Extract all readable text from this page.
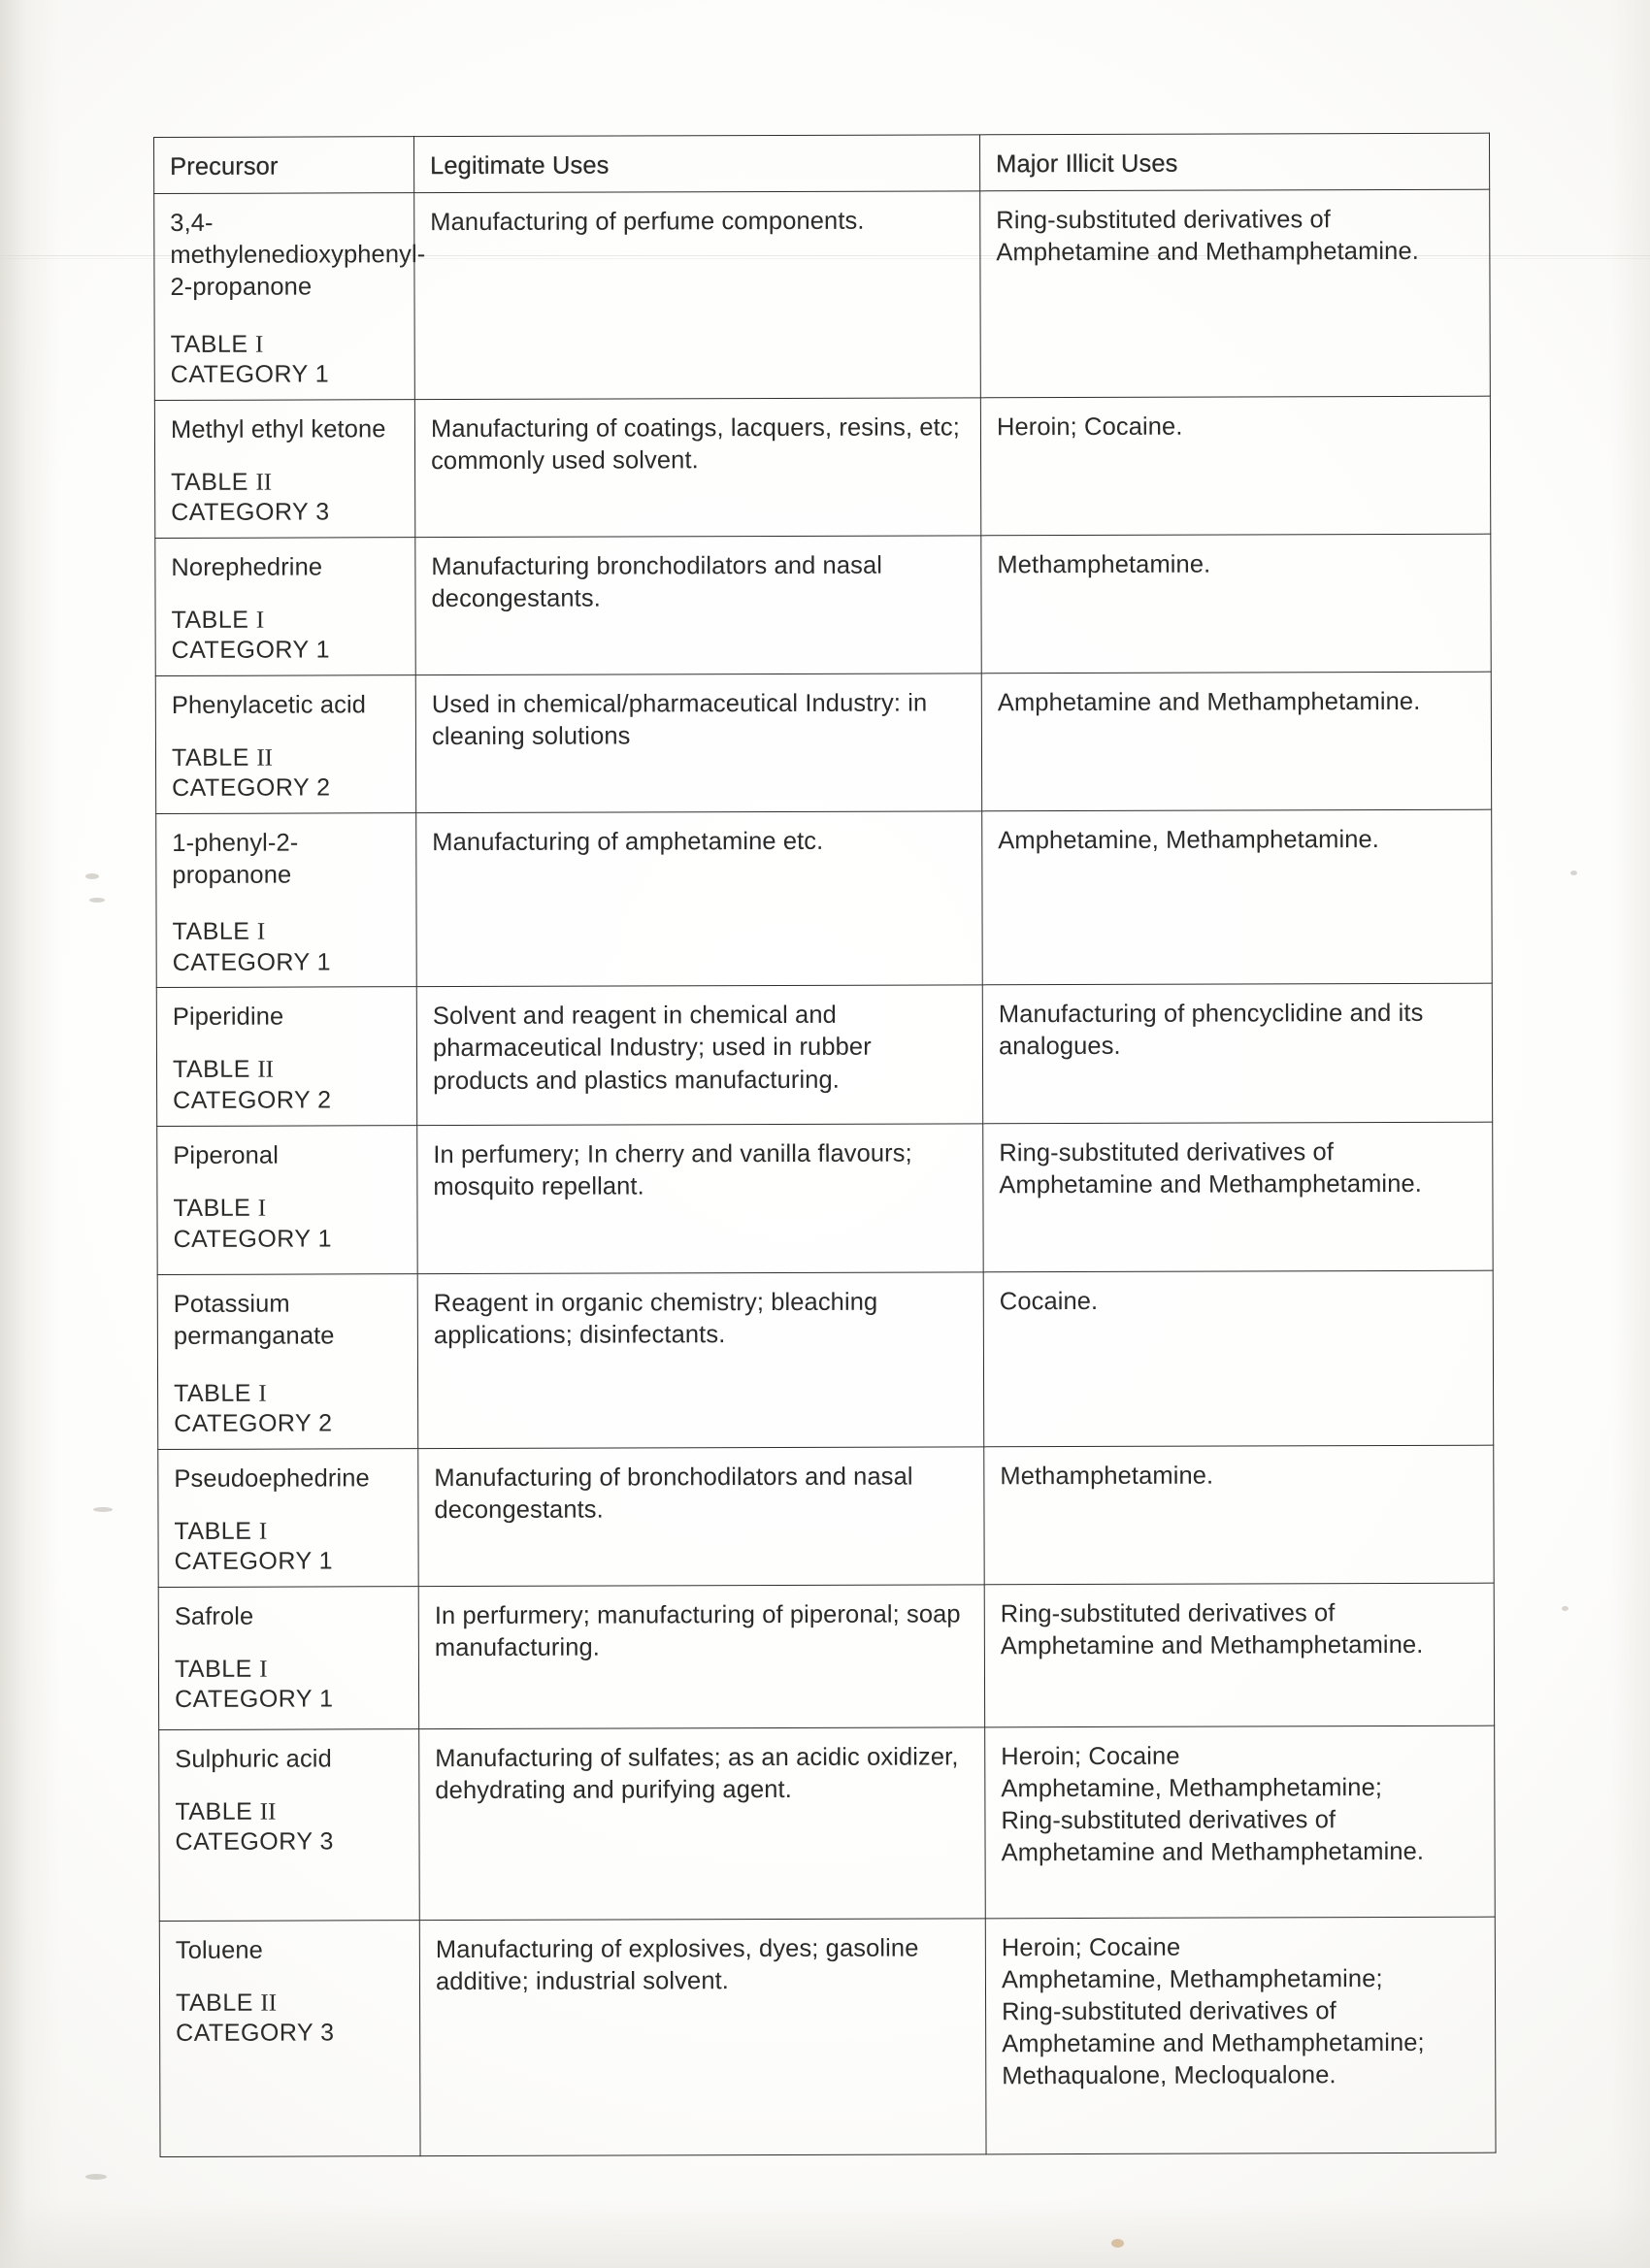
Precursor	Legitimate Uses	Major Illicit Uses

3,4-methylenedioxyphenyl-2-propanone
TABLE I
CATEGORY 1	Manufacturing of perfume components.	Ring-substituted derivatives of Amphetamine and Methamphetamine.

Methyl ethyl ketone
TABLE II
CATEGORY 3	Manufacturing of coatings, lacquers, resins, etc; commonly used solvent.	Heroin; Cocaine.

Norephedrine
TABLE I
CATEGORY 1	Manufacturing bronchodilators and nasal decongestants.	Methamphetamine.

Phenylacetic acid
TABLE II
CATEGORY 2	Used in chemical/pharmaceutical Industry: in cleaning solutions	Amphetamine and Methamphetamine.

1-phenyl-2-propanone
TABLE I
CATEGORY 1	Manufacturing of amphetamine etc.	Amphetamine, Methamphetamine.

Piperidine
TABLE II
CATEGORY 2	Solvent and reagent in chemical and pharmaceutical Industry; used in rubber products and plastics manufacturing.	Manufacturing of phencyclidine and its analogues.

Piperonal
TABLE I
CATEGORY 1	In perfumery; In cherry and vanilla flavours; mosquito repellant.	Ring-substituted derivatives of Amphetamine and Methamphetamine.

Potassium permanganate
TABLE I
CATEGORY 2	Reagent in organic chemistry; bleaching applications; disinfectants.	Cocaine.

Pseudoephedrine
TABLE I
CATEGORY 1	Manufacturing of bronchodilators and nasal decongestants.	Methamphetamine.

Safrole
TABLE I
CATEGORY 1	In perfurmery; manufacturing of piperonal; soap manufacturing.	Ring-substituted derivatives of Amphetamine and Methamphetamine.

Sulphuric acid
TABLE II
CATEGORY 3	Manufacturing of sulfates; as an acidic oxidizer, dehydrating and purifying agent.	Heroin; Cocaine
Amphetamine, Methamphetamine;
Ring-substituted derivatives of Amphetamine and Methamphetamine.

Toluene
TABLE II
CATEGORY 3	Manufacturing of explosives, dyes; gasoline additive; industrial solvent.	Heroin; Cocaine
Amphetamine, Methamphetamine;
Ring-substituted derivatives of Amphetamine and Methamphetamine;
Methaqualone, Mecloqualone.
